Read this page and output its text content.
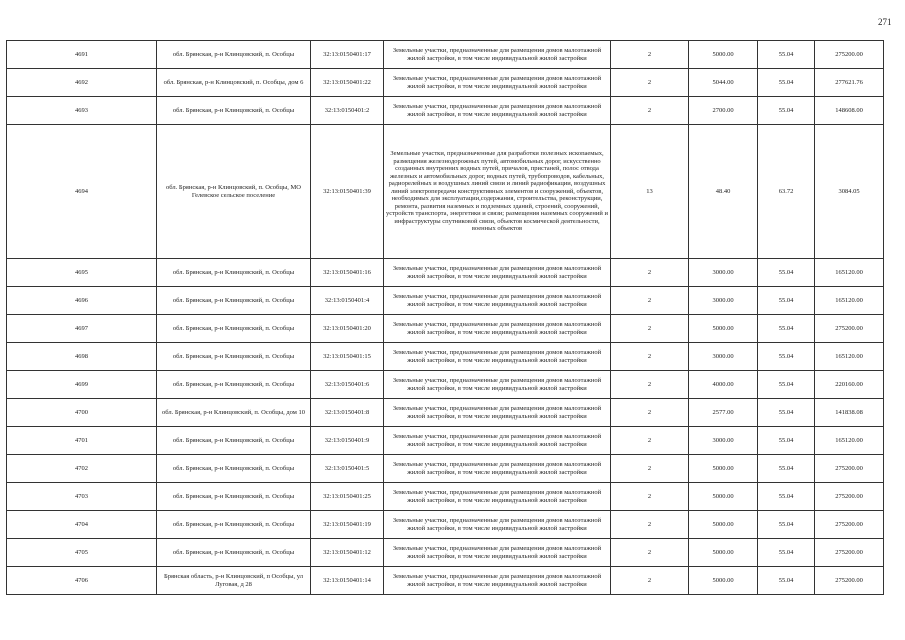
271
4691	обл. Брянская, р-н Клинцовский, п. Особцы	32:13:0150401:17	Земельные участки, предназначенные для размещения домов малоэтажной жилой застройки, в том числе индивидуальной жилой застройки	2	5000.00	55.04	275200.00
4692	обл. Брянская, р-н Клинцовский, п. Особцы, дом 6	32:13:0150401:22	Земельные участки, предназначенные для размещения домов малоэтажной жилой застройки, в том числе индивидуальной жилой застройки	2	5044.00	55.04	277621.76
4693	обл. Брянская, р-н Клинцовский, п. Особцы	32:13:0150401:2	Земельные участки, предназначенные для размещения домов малоэтажной жилой застройки, в том числе индивидуальной жилой застройки	2	2700.00	55.04	148608.00
4694	обл. Брянская, р-н Клинцовский, п. Особцы, МО Гелевское сельское поселение	32:13:0150401:39	Земельные участки, предназначенные для разработки полезных ископаемых, размещения железнодорожных путей, автомобильных дорог, искусственно созданных внутренних водных путей, причалов, пристаней, полос отвода железных и автомобильных дорог, водных путей, трубопроводов, кабельных, радиорелейных и воздушных линий связи и линий радиофикации, воздушных линий электропередачи конструктивных элементов и сооружений, объектов, необходимых для эксплуатации,содержания, строительства, реконструкции, ремонта, развития наземных и подземных зданий, строений, сооружений, устройств транспорта, энергетики и связи; размещения наземных сооружений и инфраструктуры спутниковой связи, объектов космической деятельности, военных объектов	13	48.40	63.72	3084.05
4695	обл. Брянская, р-н Клинцовский, п. Особцы	32:13:0150401:16	Земельные участки, предназначенные для размещения домов малоэтажной жилой застройки, в том числе индивидуальной жилой застройки	2	3000.00	55.04	165120.00
4696	обл. Брянская, р-н Клинцовский, п. Особцы	32:13:0150401:4	Земельные участки, предназначенные для размещения домов малоэтажной жилой застройки, в том числе индивидуальной жилой застройки	2	3000.00	55.04	165120.00
4697	обл. Брянская, р-н Клинцовский, п. Особцы	32:13:0150401:20	Земельные участки, предназначенные для размещения домов малоэтажной жилой застройки, в том числе индивидуальной жилой застройки	2	5000.00	55.04	275200.00
4698	обл. Брянская, р-н Клинцовский, п. Особцы	32:13:0150401:15	Земельные участки, предназначенные для размещения домов малоэтажной жилой застройки, в том числе индивидуальной жилой застройки	2	3000.00	55.04	165120.00
4699	обл. Брянская, р-н Клинцовский, п. Особцы	32:13:0150401:6	Земельные участки, предназначенные для размещения домов малоэтажной жилой застройки, в том числе индивидуальной жилой застройки	2	4000.00	55.04	220160.00
4700	обл. Брянская, р-н Клинцовский, п. Особцы, дом 10	32:13:0150401:8	Земельные участки, предназначенные для размещения домов малоэтажной жилой застройки, в том числе индивидуальной жилой застройки	2	2577.00	55.04	141838.08
4701	обл. Брянская, р-н Клинцовский, п. Особцы	32:13:0150401:9	Земельные участки, предназначенные для размещения домов малоэтажной жилой застройки, в том числе индивидуальной жилой застройки	2	3000.00	55.04	165120.00
4702	обл. Брянская, р-н Клинцовский, п. Особцы	32:13:0150401:5	Земельные участки, предназначенные для размещения домов малоэтажной жилой застройки, в том числе индивидуальной жилой застройки	2	5000.00	55.04	275200.00
4703	обл. Брянская, р-н Клинцовский, п. Особцы	32:13:0150401:25	Земельные участки, предназначенные для размещения домов малоэтажной жилой застройки, в том числе индивидуальной жилой застройки	2	5000.00	55.04	275200.00
4704	обл. Брянская, р-н Клинцовский, п. Особцы	32:13:0150401:19	Земельные участки, предназначенные для размещения домов малоэтажной жилой застройки, в том числе индивидуальной жилой застройки	2	5000.00	55.04	275200.00
4705	обл. Брянская, р-н Клинцовский, п. Особцы	32:13:0150401:12	Земельные участки, предназначенные для размещения домов малоэтажной жилой застройки, в том числе индивидуальной жилой застройки	2	5000.00	55.04	275200.00
4706	Брянская область, р-н Клинцовский, п Особцы, ул Луговая, д 28	32:13:0150401:14	Земельные участки, предназначенные для размещения домов малоэтажной жилой застройки, в том числе индивидуальной жилой застройки	2	5000.00	55.04	275200.00
